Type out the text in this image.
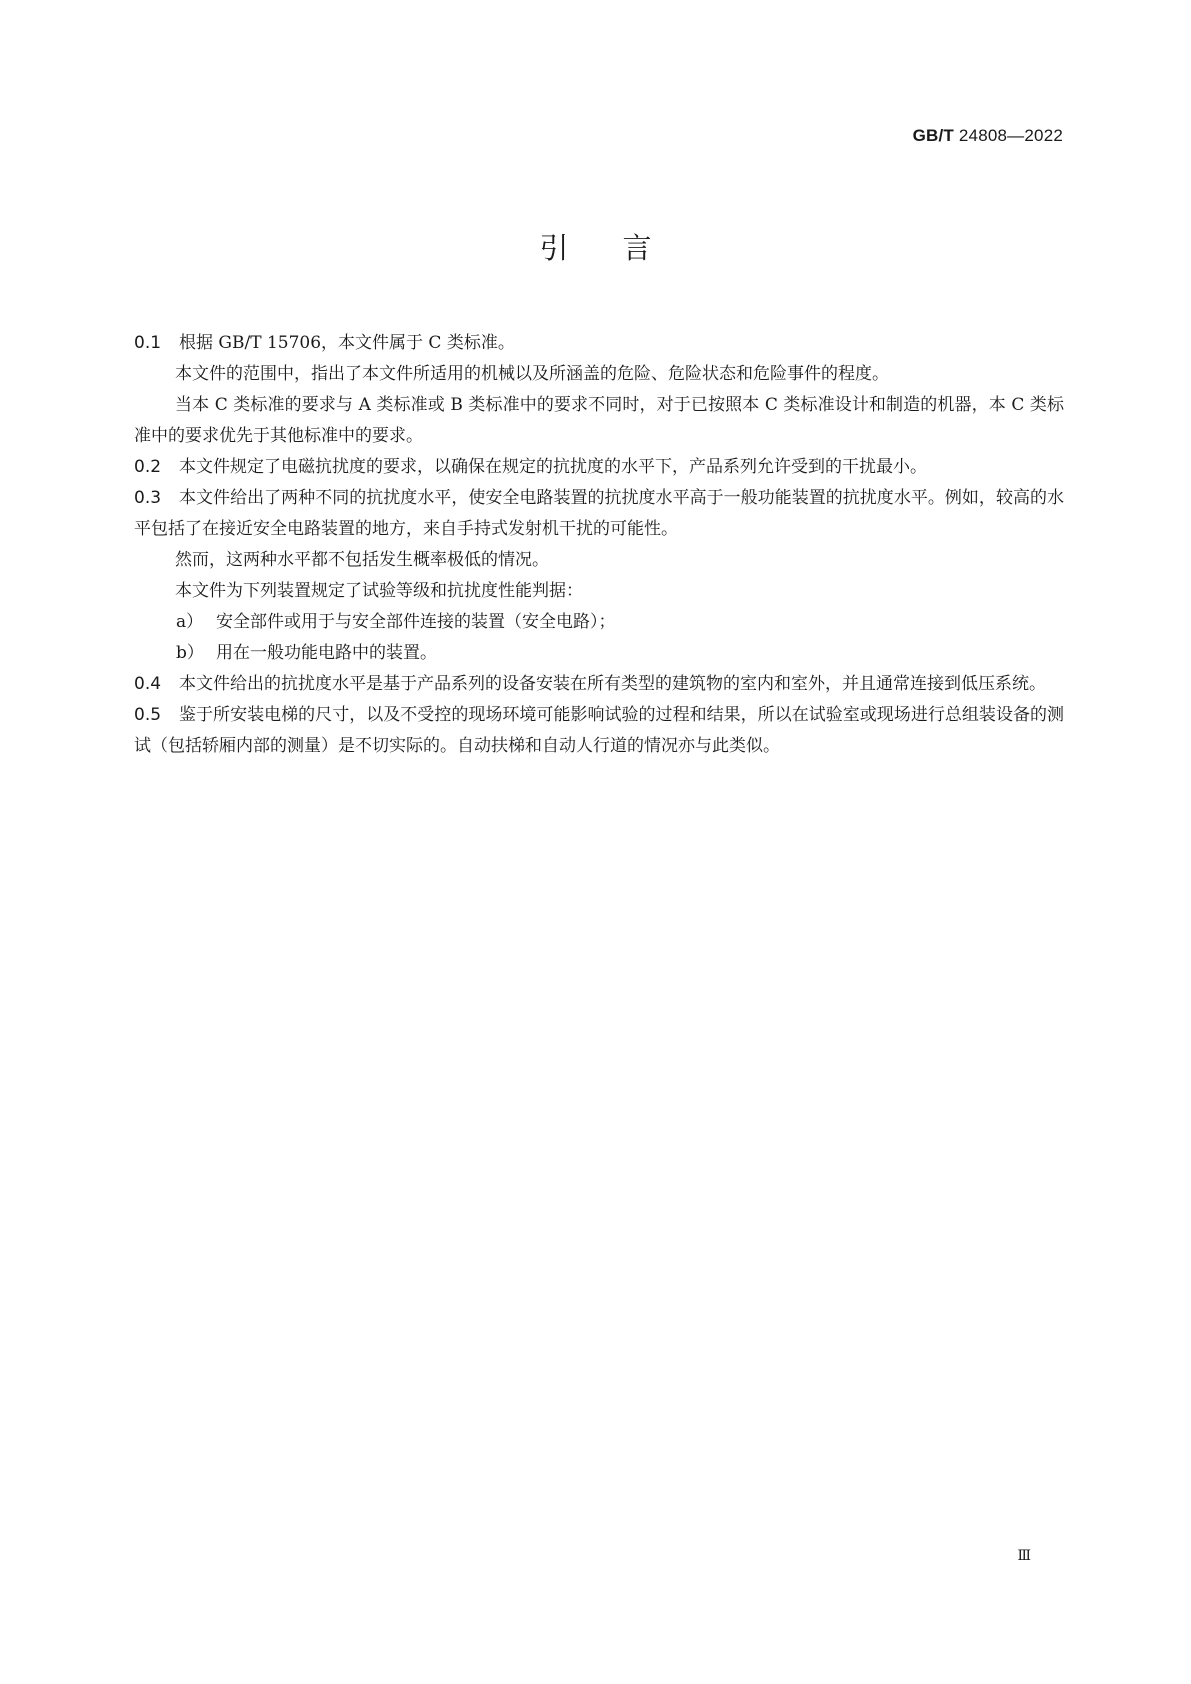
GB/T 24808—2022
引言

0.1 根据 GB/T 15706，本文件属于 C 类标准。

本文件的范围中，指出了本文件所适用的机械以及所涵盖的危险、危险状态和危险事件的程度。

当本 C 类标准的要求与 A 类标准或 B 类标准中的要求不同时，对于已按照本 C 类标准设计和制造的机器，本 C 类标准中的要求优先于其他标准中的要求。

0.2 本文件规定了电磁抗扰度的要求，以确保在规定的抗扰度的水平下，产品系列允许受到的干扰最小。

0.3 本文件给出了两种不同的抗扰度水平，使安全电路装置的抗扰度水平高于一般功能装置的抗扰度水平。例如，较高的水平包括了在接近安全电路装置的地方，来自手持式发射机干扰的可能性。

然而，这两种水平都不包括发生概率极低的情况。

本文件为下列装置规定了试验等级和抗扰度性能判据：

a） 安全部件或用于与安全部件连接的装置（安全电路）；

b） 用在一般功能电路中的装置。

0.4 本文件给出的抗扰度水平是基于产品系列的设备安装在所有类型的建筑物的室内和室外，并且通常连接到低压系统。

0.5 鉴于所安装电梯的尺寸，以及不受控的现场环境可能影响试验的过程和结果，所以在试验室或现场进行总组装设备的测试（包括轿厢内部的测量）是不切实际的。自动扶梯和自动人行道的情况亦与此类似。

Ⅲ
